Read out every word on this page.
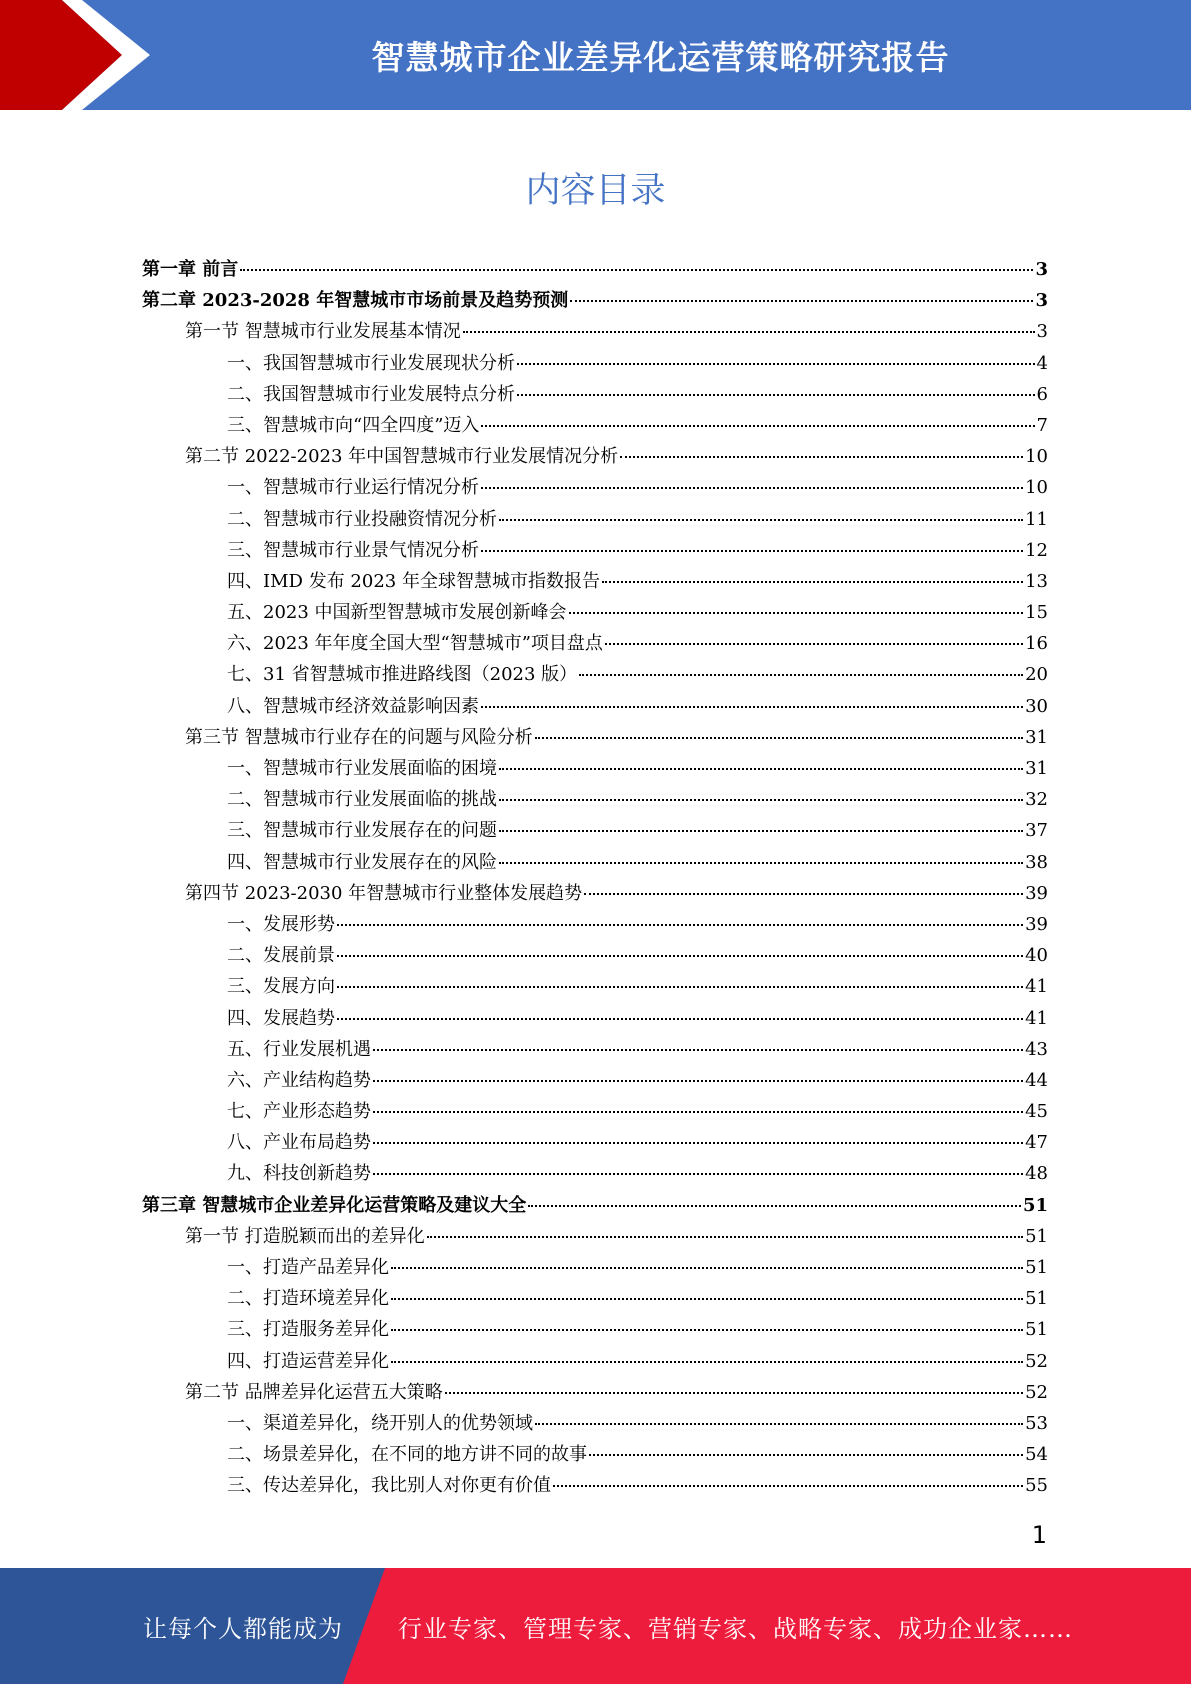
智慧城市企业差异化运营策略研究报告
内容目录
第一章 前言	3
第二章 2023-2028 年智慧城市市场前景及趋势预测	3
第一节 智慧城市行业发展基本情况	3
一、我国智慧城市行业发展现状分析	4
二、我国智慧城市行业发展特点分析	6
三、智慧城市向“四全四度”迈入	7
第二节 2022-2023 年中国智慧城市行业发展情况分析	10
一、智慧城市行业运行情况分析	10
二、智慧城市行业投融资情况分析	11
三、智慧城市行业景气情况分析	12
四、IMD 发布 2023 年全球智慧城市指数报告	13
五、2023 中国新型智慧城市发展创新峰会	15
六、2023 年年度全国大型“智慧城市”项目盘点	16
七、31 省智慧城市推进路线图（2023 版）	20
八、智慧城市经济效益影响因素	30
第三节 智慧城市行业存在的问题与风险分析	31
一、智慧城市行业发展面临的困境	31
二、智慧城市行业发展面临的挑战	32
三、智慧城市行业发展存在的问题	37
四、智慧城市行业发展存在的风险	38
第四节 2023-2030 年智慧城市行业整体发展趋势	39
一、发展形势	39
二、发展前景	40
三、发展方向	41
四、发展趋势	41
五、行业发展机遇	43
六、产业结构趋势	44
七、产业形态趋势	45
八、产业布局趋势	47
九、科技创新趋势	48
第三章 智慧城市企业差异化运营策略及建议大全	51
第一节 打造脱颖而出的差异化	51
一、打造产品差异化	51
二、打造环境差异化	51
三、打造服务差异化	51
四、打造运营差异化	52
第二节 品牌差异化运营五大策略	52
一、渠道差异化，绕开别人的优势领域	53
二、场景差异化，在不同的地方讲不同的故事	54
三、传达差异化，我比别人对你更有价值	55
1
让每个人都能成为 行业专家、管理专家、营销专家、战略专家、成功企业家……
